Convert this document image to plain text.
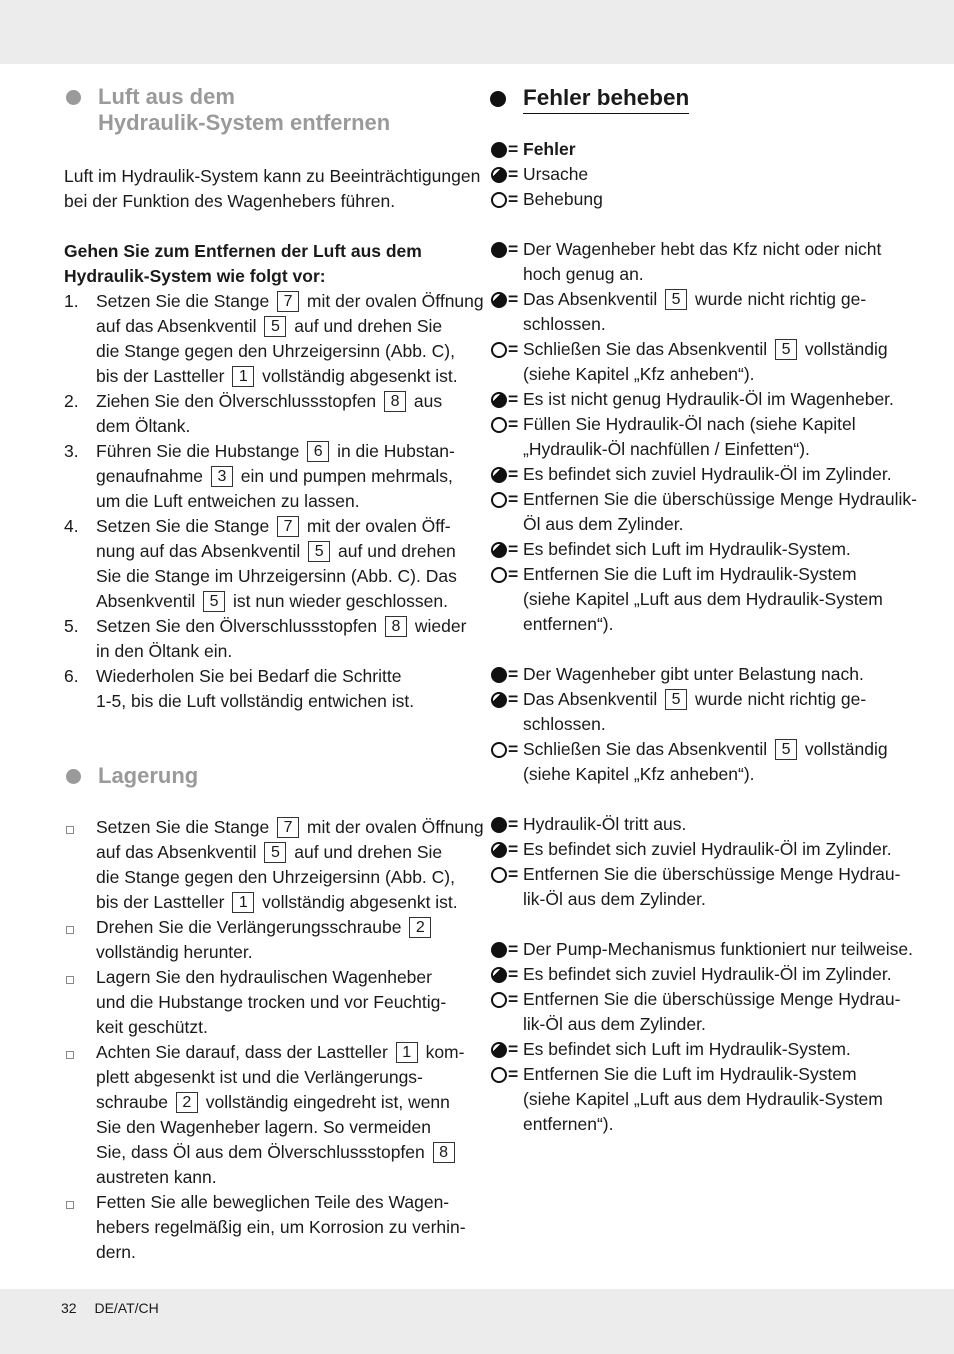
Luft aus dem
Hydraulik-System entfernen
Luft im Hydraulik-System kann zu Beeinträchtigungen
bei der Funktion des Wagenhebers führen.
Gehen Sie zum Entfernen der Luft aus dem
Hydraulik-System wie folgt vor:
1. Setzen Sie die Stange 7 mit der ovalen Öffnung
auf das Absenkventil 5 auf und drehen Sie
die Stange gegen den Uhrzeigersinn (Abb. C),
bis der Lastteller 1 vollständig abgesenkt ist.
2. Ziehen Sie den Ölverschlussstopfen 8 aus
dem Öltank.
3. Führen Sie die Hubstange 6 in die Hubstan-
genaufnahme 3 ein und pumpen mehrmals,
um die Luft entweichen zu lassen.
4. Setzen Sie die Stange 7 mit der ovalen Öff-
nung auf das Absenkventil 5 auf und drehen
Sie die Stange im Uhrzeigersinn (Abb. C). Das
Absenkventil 5 ist nun wieder geschlossen.
5. Setzen Sie den Ölverschlussstopfen 8 wieder
in den Öltank ein.
6. Wiederholen Sie bei Bedarf die Schritte
1-5, bis die Luft vollständig entwichen ist.
Lagerung
Setzen Sie die Stange 7 mit der ovalen Öffnung
auf das Absenkventil 5 auf und drehen Sie
die Stange gegen den Uhrzeigersinn (Abb. C),
bis der Lastteller 1 vollständig abgesenkt ist.
Drehen Sie die Verlängerungsschraube 2
vollständig herunter.
Lagern Sie den hydraulischen Wagenheber
und die Hubstange trocken und vor Feuchtig-
keit geschützt.
Achten Sie darauf, dass der Lastteller 1 kom-
plett abgesenkt ist und die Verlängerungs-
schraube 2 vollständig eingedreht ist, wenn
Sie den Wagenheber lagern. So vermeiden
Sie, dass Öl aus dem Ölverschlussstopfen 8
austreten kann.
Fetten Sie alle beweglichen Teile des Wagen-
hebers regelmäßig ein, um Korrosion zu verhin-
dern.
Fehler beheben
= Fehler
= Ursache
= Behebung
= Der Wagenheber hebt das Kfz nicht oder nicht
hoch genug an.
= Das Absenkventil 5 wurde nicht richtig ge-
schlossen.
= Schließen Sie das Absenkventil 5 vollständig
(siehe Kapitel „Kfz anheben“).
= Es ist nicht genug Hydraulik-Öl im Wagenheber.
= Füllen Sie Hydraulik-Öl nach (siehe Kapitel
„Hydraulik-Öl nachfüllen / Einfetten“).
= Es befindet sich zuviel Hydraulik-Öl im Zylinder.
= Entfernen Sie die überschüssige Menge Hydraulik-
Öl aus dem Zylinder.
= Es befindet sich Luft im Hydraulik-System.
= Entfernen Sie die Luft im Hydraulik-System
(siehe Kapitel „Luft aus dem Hydraulik-System
entfernen“).
= Der Wagenheber gibt unter Belastung nach.
= Das Absenkventil 5 wurde nicht richtig ge-
schlossen.
= Schließen Sie das Absenkventil 5 vollständig
(siehe Kapitel „Kfz anheben“).
= Hydraulik-Öl tritt aus.
= Es befindet sich zuviel Hydraulik-Öl im Zylinder.
= Entfernen Sie die überschüssige Menge Hydrau-
lik-Öl aus dem Zylinder.
= Der Pump-Mechanismus funktioniert nur teilweise.
= Es befindet sich zuviel Hydraulik-Öl im Zylinder.
= Entfernen Sie die überschüssige Menge Hydrau-
lik-Öl aus dem Zylinder.
= Es befindet sich Luft im Hydraulik-System.
= Entfernen Sie die Luft im Hydraulik-System
(siehe Kapitel „Luft aus dem Hydraulik-System
entfernen“).
32 DE/AT/CH
